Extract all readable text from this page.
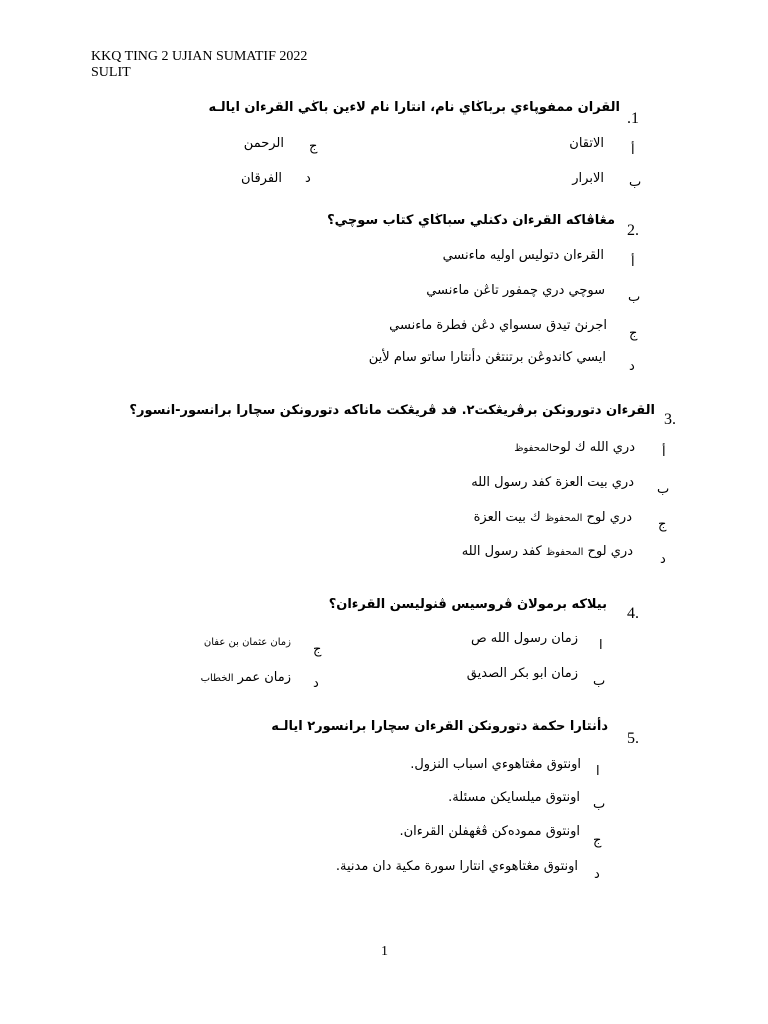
KKQ TING 2 UJIAN SUMATIF 2022
SULIT
.1
القران ممفوڽاءي برباڬاي نام، انتارا نام لاءين باڬي القرءان ايالـه
أ
الاتقان
ب
الابرار
ج
الرحمن
د
الفرقان
2.
مڠاڤاكه القرءان دكنلي سباڬاي كتاب سوچي؟
أ
القرءان دتوليس اوليه ماءنسي
ب
سوچي دري چمفور تاڠن ماءنسي
ج
اجرنڽ تيدق سسواي دڠن فطرة ماءنسي
د
ايسي كاندوڠن برتنتڠن دأنتارا ساتو سام لأين
3.
القرءان دتورونكن برڤريڠكت٢. فد ڤريڠكت ماناكه دتورونكن سچارا برانسور-انسور؟
أ
دري الله ك لوحالمحفوظ
ب
دري بيت العزة كفد رسول الله
ج
دري لوح المحفوظ ك بيت العزة
د
دري لوح المحفوظ كفد رسول الله
4.
بيلاكه برمولاڽ ڤروسيس ڤنوليسن القرءان؟
ا
زمان رسول الله ص
ب
زمان ابو بكر الصديق
ج
زمان عثمان بن عفان
د
زمان عمر الخطاب
5.
دأنتارا حكمة دتورونكن القرءان سچارا برانسور٢ ايالـه
ا
اونتوق مڠتاهوءي اسباب النزول.
ب
اونتوق ميلسايكن مسئلة.
ج
اونتوق مموده‌كن ڤڠهفلن القرءان.
د
اونتوق مڠتاهوءي انتارا سورة مكية دان مدنية.
1
